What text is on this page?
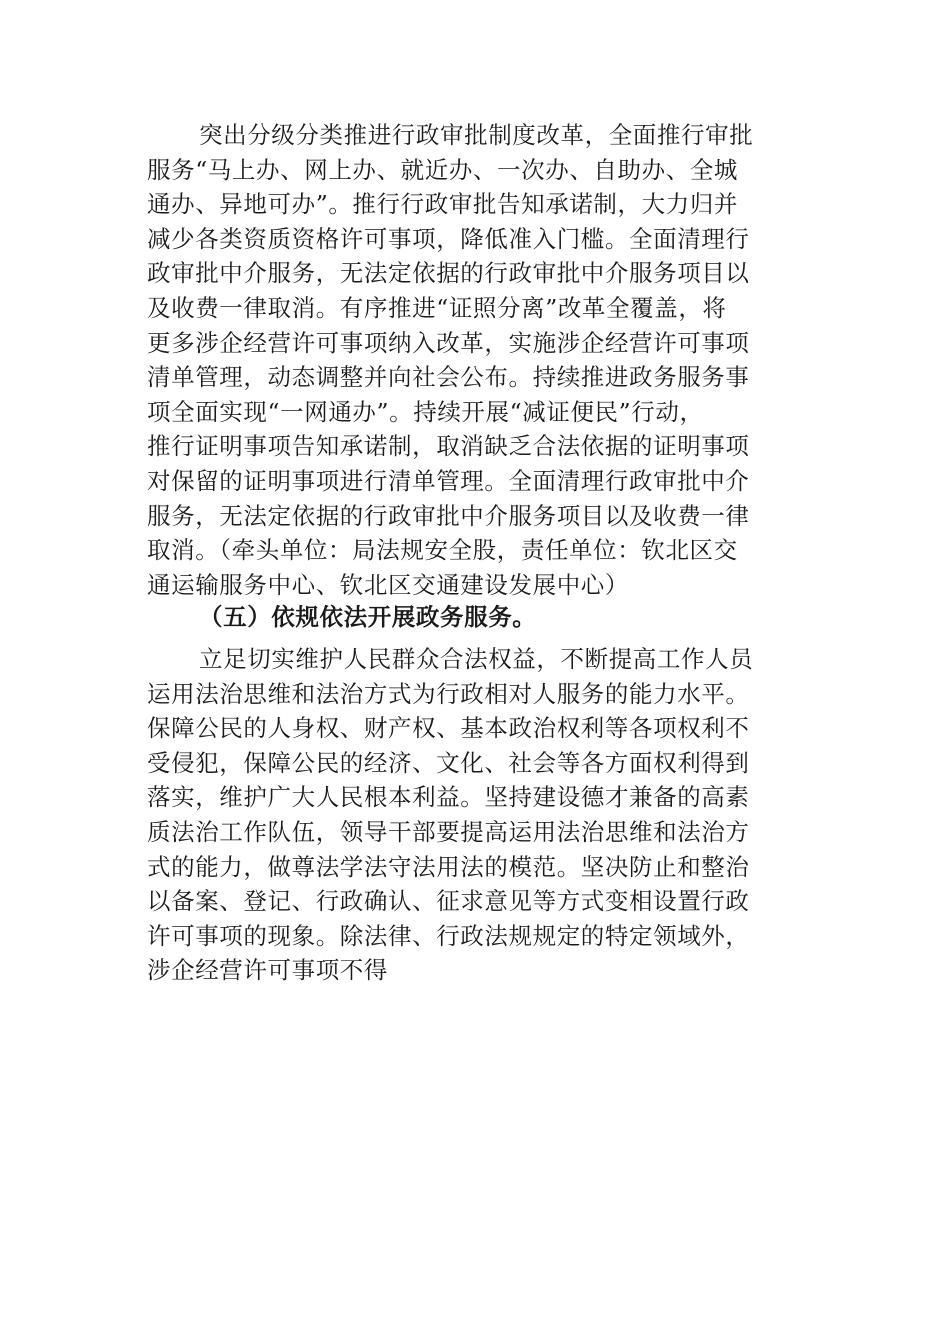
突出分级分类推进行政审批制度改革，全面推行审批
服务“马上办、网上办、就近办、一次办、自助办、全城
通办、异地可办”。推行行政审批告知承诺制，大力归并
减少各类资质资格许可事项，降低准入门槛。全面清理行
政审批中介服务，无法定依据的行政审批中介服务项目以
及收费一律取消。有序推进“证照分离”改革全覆盖，将
更多涉企经营许可事项纳入改革，实施涉企经营许可事项
清单管理，动态调整并向社会公布。持续推进政务服务事
项全面实现“一网通办”。持续开展“减证便民”行动，
推行证明事项告知承诺制，取消缺乏合法依据的证明事项
对保留的证明事项进行清单管理。全面清理行政审批中介
服务，无法定依据的行政审批中介服务项目以及收费一律
取消。（牵头单位：局法规安全股，责任单位：钦北区交
通运输服务中心、钦北区交通建设发展中心）
（五）依规依法开展政务服务。
立足切实维护人民群众合法权益，不断提高工作人员
运用法治思维和法治方式为行政相对人服务的能力水平。
保障公民的人身权、财产权、基本政治权利等各项权利不
受侵犯，保障公民的经济、文化、社会等各方面权利得到
落实，维护广大人民根本利益。坚持建设德才兼备的高素
质法治工作队伍，领导干部要提高运用法治思维和法治方
式的能力，做尊法学法守法用法的模范。坚决防止和整治
以备案、登记、行政确认、征求意见等方式变相设置行政
许可事项的现象。除法律、行政法规规定的特定领域外，
涉企经营许可事项不得
